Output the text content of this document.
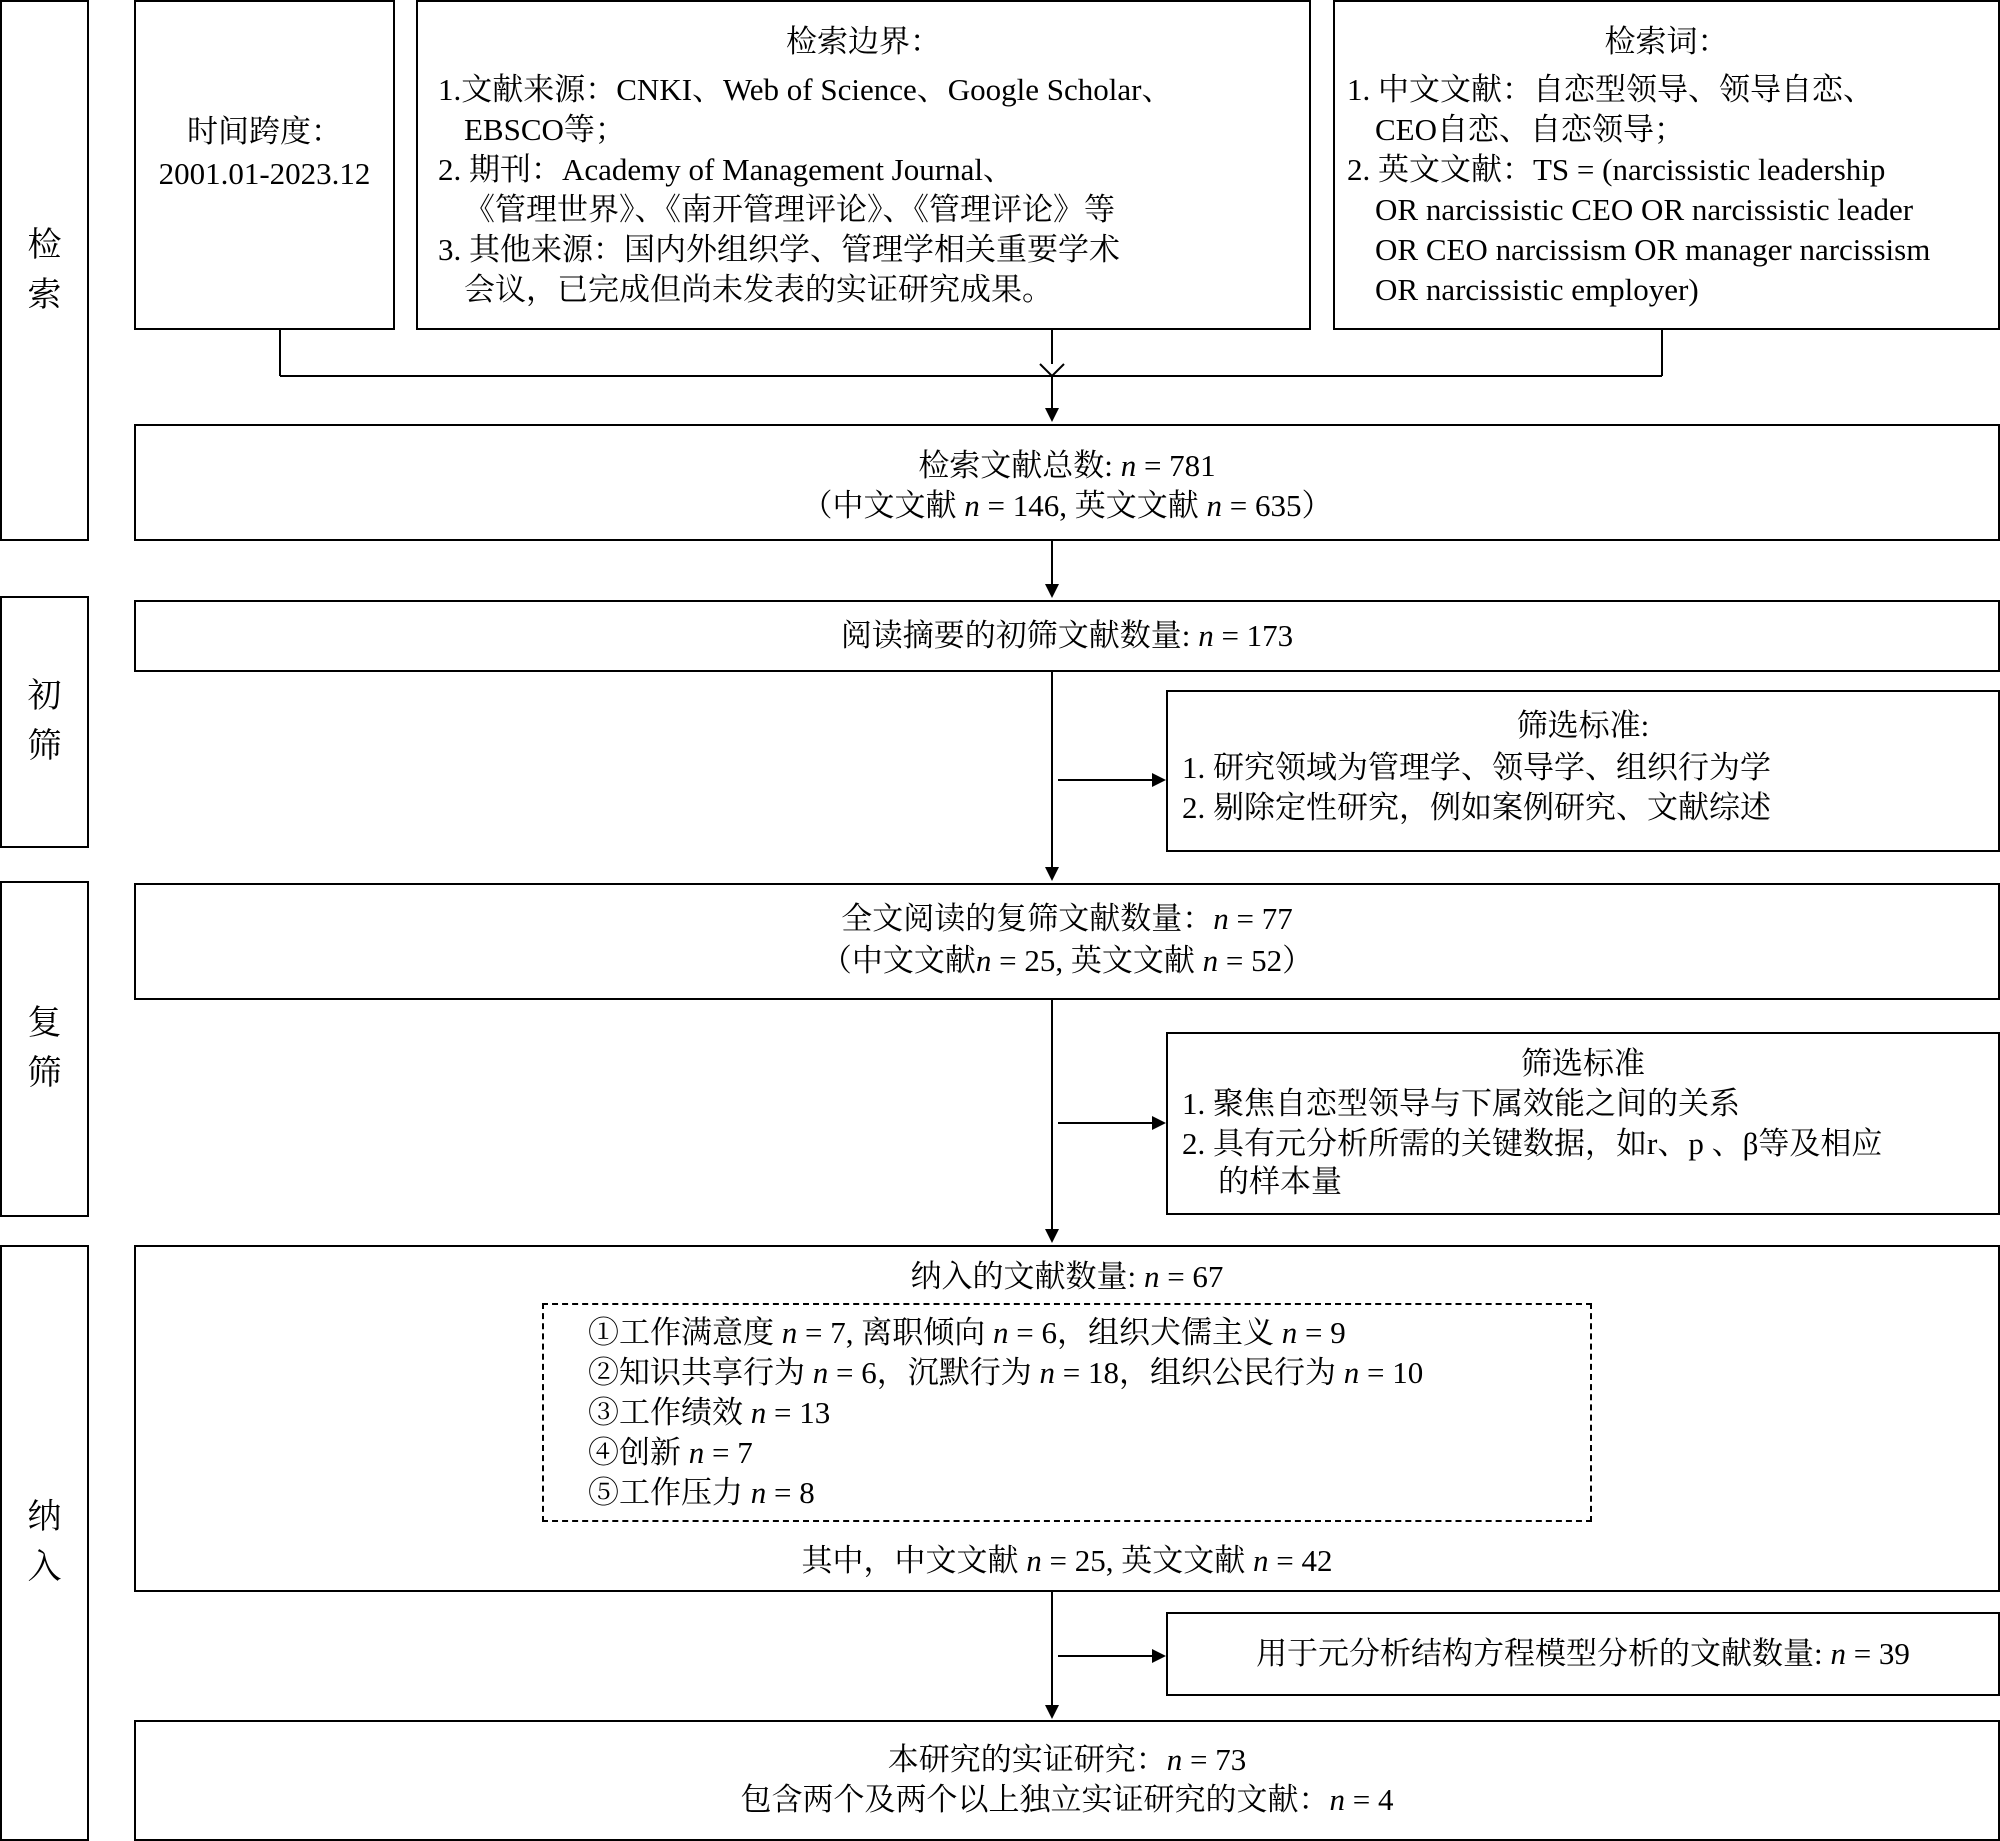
检
索
初
筛
复
筛
纳
入
时间跨度：
2001.01-2023.12
检索边界：
1.文献来源：CNKI、Web of Science、Google Scholar、
EBSCO等；
2. 期刊：Academy of Management Journal、
《管理世界》、《南开管理评论》、《管理评论》等
3. 其他来源：国内外组织学、管理学相关重要学术
会议，已完成但尚未发表的实证研究成果。
检索词：
1. 中文文献：自恋型领导、领导自恋、
CEO自恋、自恋领导；
2. 英文文献：TS = (narcissistic leadership
OR narcissistic CEO OR narcissistic leader
OR CEO narcissism OR manager narcissism
OR narcissistic employer)
检索文献总数: n = 781
（中文文献 n = 146, 英文文献 n = 635）
阅读摘要的初筛文献数量: n = 173
筛选标准:
1. 研究领域为管理学、领导学、组织行为学
2. 剔除定性研究，例如案例研究、文献综述
全文阅读的复筛文献数量：n = 77
（中文文献n = 25, 英文文献 n = 52）
筛选标准
1. 聚焦自恋型领导与下属效能之间的关系
2. 具有元分析所需的关键数据，如r、p 、β等及相应
的样本量
纳入的文献数量: n = 67
其中，中文文献 n = 25, 英文文献 n = 42
①工作满意度 n = 7, 离职倾向 n = 6，组织犬儒主义 n = 9
②知识共享行为 n = 6，沉默行为 n = 18，组织公民行为 n = 10
③工作绩效 n = 13
④创新 n = 7
⑤工作压力 n = 8
用于元分析结构方程模型分析的文献数量: n = 39
本研究的实证研究：n = 73
包含两个及两个以上独立实证研究的文献：n = 4
